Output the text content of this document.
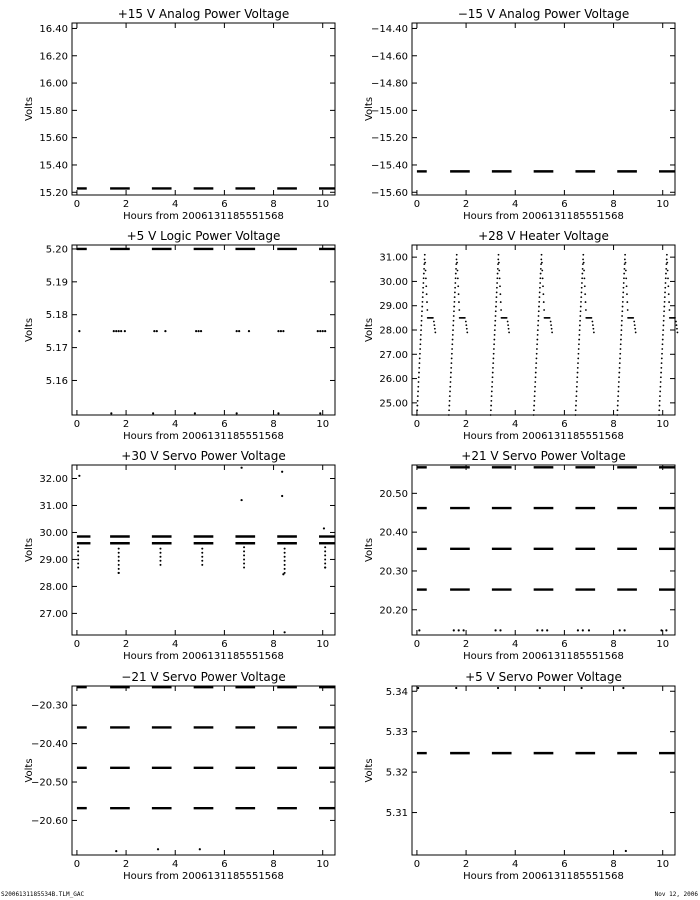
+15 V Analog Power Voltage
15.20
15.40
15.60
15.80
16.00
16.20
16.40
0	2	4	6	8	10
Hours from 2006131185551568
Volts
−15 V Analog Power Voltage
−15.60
−15.40
−15.20
−15.00
−14.80
−14.60
−14.40
0	2	4	6	8	10
Hours from 2006131185551568
Volts
+5 V Logic Power Voltage
5.16
5.17
5.18
5.19
5.20
0	2	4	6	8	10
Hours from 2006131185551568
Volts
+28 V Heater Voltage
25.00
26.00
27.00
28.00
29.00
30.00
31.00
0	2	4	6	8	10
Hours from 2006131185551568
Volts
+30 V Servo Power Voltage
27.00
28.00
29.00
30.00
31.00
32.00
0	2	4	6	8	10
Hours from 2006131185551568
Volts
+21 V Servo Power Voltage
20.20
20.30
20.40
20.50
0	2	4	6	8	10
Hours from 2006131185551568
Volts
−21 V Servo Power Voltage
−20.60
−20.50
−20.40
−20.30
0	2	4	6	8	10
Hours from 2006131185551568
Volts
+5 V Servo Power Voltage
5.31
5.32
5.33
5.34
0	2	4	6	8	10
Hours from 2006131185551568
Volts
S2006131185534B.TLM_GAC	Nov 12, 2006
